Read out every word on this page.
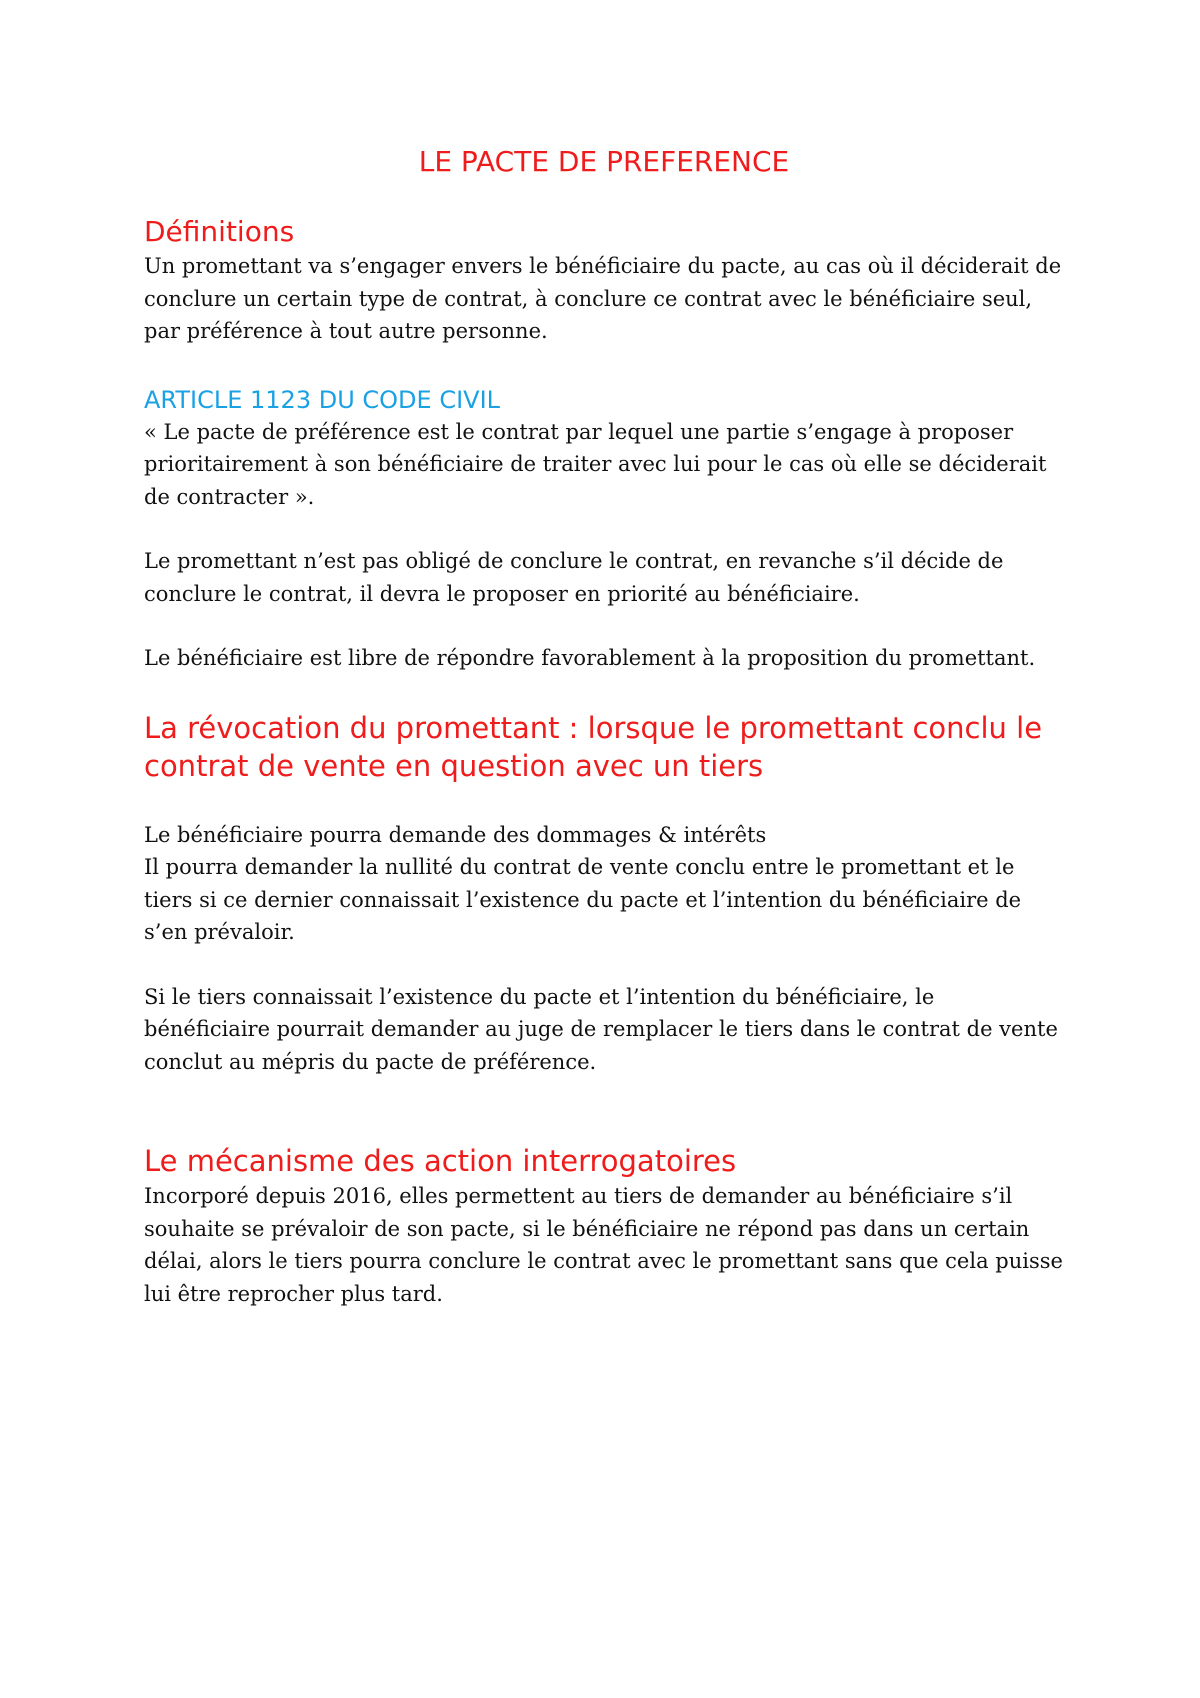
LE PACTE DE PREFERENCE
Définitions

Un promettant va s’engager envers le bénéficiaire du pacte, au cas où il déciderait de conclure un certain type de contrat, à conclure ce contrat avec le bénéficiaire seul, par préférence à tout autre personne.

ARTICLE 1123 DU CODE CIVIL

« Le pacte de préférence est le contrat par lequel une partie s’engage à proposer prioritairement à son bénéficiaire de traiter avec lui pour le cas où elle se déciderait de contracter ».

Le promettant n’est pas obligé de conclure le contrat, en revanche s’il décide de conclure le contrat, il devra le proposer en priorité au bénéficiaire.

Le bénéficiaire est libre de répondre favorablement à la proposition du promettant.

La révocation du promettant : lorsque le promettant conclu le contrat de vente en question avec un tiers

Le bénéficiaire pourra demande des dommages & intérêts

Il pourra demander la nullité du contrat de vente conclu entre le promettant et le tiers si ce dernier connaissait l’existence du pacte et l’intention du bénéficiaire de s’en prévaloir.

Si le tiers connaissait l’existence du pacte et l’intention du bénéficiaire, le bénéficiaire pourrait demander au juge de remplacer le tiers dans le contrat de vente conclut au mépris du pacte de préférence.

Le mécanisme des action interrogatoires

Incorporé depuis 2016, elles permettent au tiers de demander au bénéficiaire s’il souhaite se prévaloir de son pacte, si le bénéficiaire ne répond pas dans un certain délai, alors le tiers pourra conclure le contrat avec le promettant sans que cela puisse lui être reprocher plus tard.
